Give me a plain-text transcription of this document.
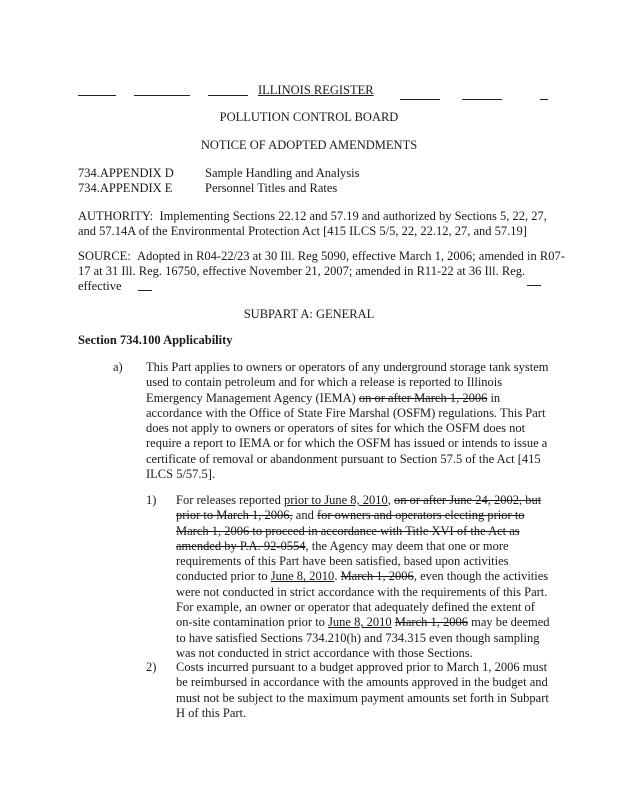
ILLINOIS REGISTER
POLLUTION CONTROL BOARD
NOTICE OF ADOPTED AMENDMENTS
734.APPENDIX D Sample Handling and Analysis
734.APPENDIX E	Personnel Titles and Rates
AUTHORITY: Implementing Sections 22.12 and 57.19 and authorized by Sections 5, 22, 27,
and 57.14A of the Environmental Protection Act [415 ILCS 5/5, 22, 22.12, 27, and 57.19]
SOURCE: Adopted in R04-22/23 at 30 Ill. Reg 5090, effective March 1, 2006; amended in R07-
17 at 31 Ill. Reg. 16750, effective November 21, 2007; amended in R11-22 at 36 Ill. Reg.
effective
SUBPART A: GENERAL
Section 734.100 Applicability
a) This Part applies to owners or operators of any underground storage tank system
used to contain petroleum and for which a release is reported to Illinois
Emergency Management Agency (IEMA) on or after March 1, 2006 in
accordance with the Office of State Fire Marshal (OSFM) regulations. This Part
does not apply to owners or operators of sites for which the OSFM does not
require a report to IEMA or for which the OSFM has issued or intends to issue a
certificate of removal or abandonment pursuant to Section 57.5 of the Act [415
ILCS 5/57.5].
1) For releases reported prior to June 8, 2010, on or after June 24, 2002, but
prior to March 1, 2006, and for owners and operators electing prior to
March 1, 2006 to proceed in accordance with Title XVI of the Act as
amended by P.A. 92-0554, the Agency may deem that one or more
requirements of this Part have been satisfied, based upon activities
conducted prior to June 8, 2010. March 1, 2006, even though the activities
were not conducted in strict accordance with the requirements of this Part.
For example, an owner or operator that adequately defined the extent of
on-site contamination prior to June 8, 2010 March 1, 2006 may be deemed
to have satisfied Sections 734.210(h) and 734.315 even though sampling
was not conducted in strict accordance with those Sections.
2) Costs incurred pursuant to a budget approved prior to March 1, 2006 must
be reimbursed in accordance with the amounts approved in the budget and
must not be subject to the maximum payment amounts set forth in Subpart
H of this Part.
